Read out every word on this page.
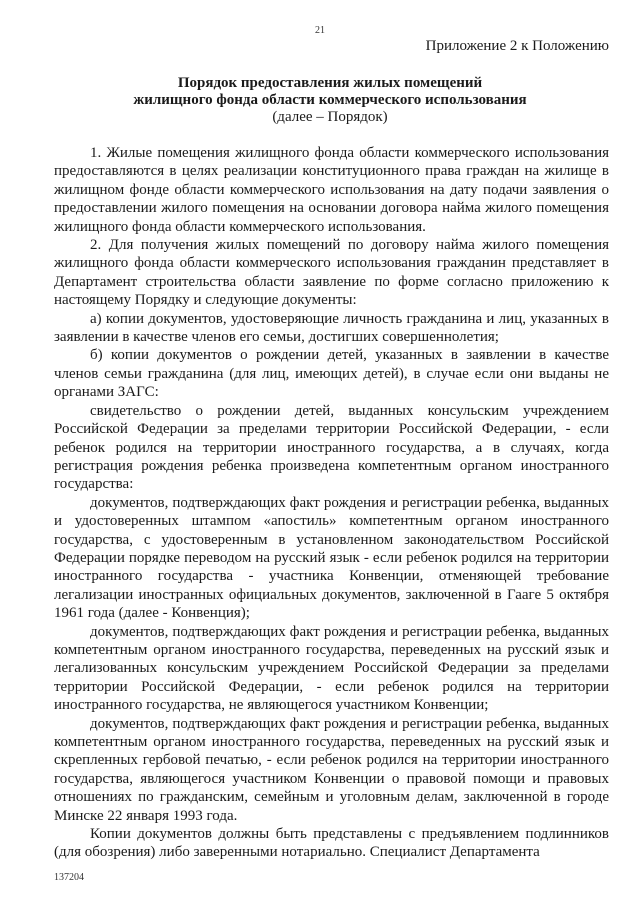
21
Приложение 2 к Положению
Порядок предоставления жилых помещений
жилищного фонда области коммерческого использования
(далее – Порядок)

1. Жилые помещения жилищного фонда области коммерческого использования предоставляются в целях реализации конституционного права граждан на жилище в жилищном фонде области коммерческого использования на дату подачи заявления о предоставлении жилого помещения на основании договора найма жилого помещения жилищного фонда области коммерческого использования.

2. Для получения жилых помещений по договору найма жилого помещения жилищного фонда области коммерческого использования гражданин представляет в Департамент строительства области заявление по форме согласно приложению к настоящему Порядку и следующие документы:

а) копии документов, удостоверяющие личность гражданина и лиц, указанных в заявлении в качестве членов его семьи, достигших совершеннолетия;

б) копии документов о рождении детей, указанных в заявлении в качестве членов семьи гражданина (для лиц, имеющих детей), в случае если они выданы не органами ЗАГС:

свидетельство о рождении детей, выданных консульским учреждением Российской Федерации за пределами территории Российской Федерации, - если ребенок родился на территории иностранного государства, а в случаях, когда регистрация рождения ребенка произведена компетентным органом иностранного государства:

документов, подтверждающих факт рождения и регистрации ребенка, выданных и удостоверенных штампом «апостиль» компетентным органом иностранного государства, с удостоверенным в установленном законодательством Российской Федерации порядке переводом на русский язык - если ребенок родился на территории иностранного государства - участника Конвенции, отменяющей требование легализации иностранных официальных документов, заключенной в Гааге 5 октября 1961 года (далее - Конвенция);

документов, подтверждающих факт рождения и регистрации ребенка, выданных компетентным органом иностранного государства, переведенных на русский язык и легализованных консульским учреждением Российской Федерации за пределами территории Российской Федерации, - если ребенок родился на территории иностранного государства, не являющегося участником Конвенции;

документов, подтверждающих факт рождения и регистрации ребенка, выданных компетентным органом иностранного государства, переведенных на русский язык и скрепленных гербовой печатью, - если ребенок родился на территории иностранного государства, являющегося участником Конвенции о правовой помощи и правовых отношениях по гражданским, семейным и уголовным делам, заключенной в городе Минске 22 января 1993 года.

Копии документов должны быть представлены с предъявлением подлинников (для обозрения) либо заверенными нотариально. Специалист Департамента

137204
